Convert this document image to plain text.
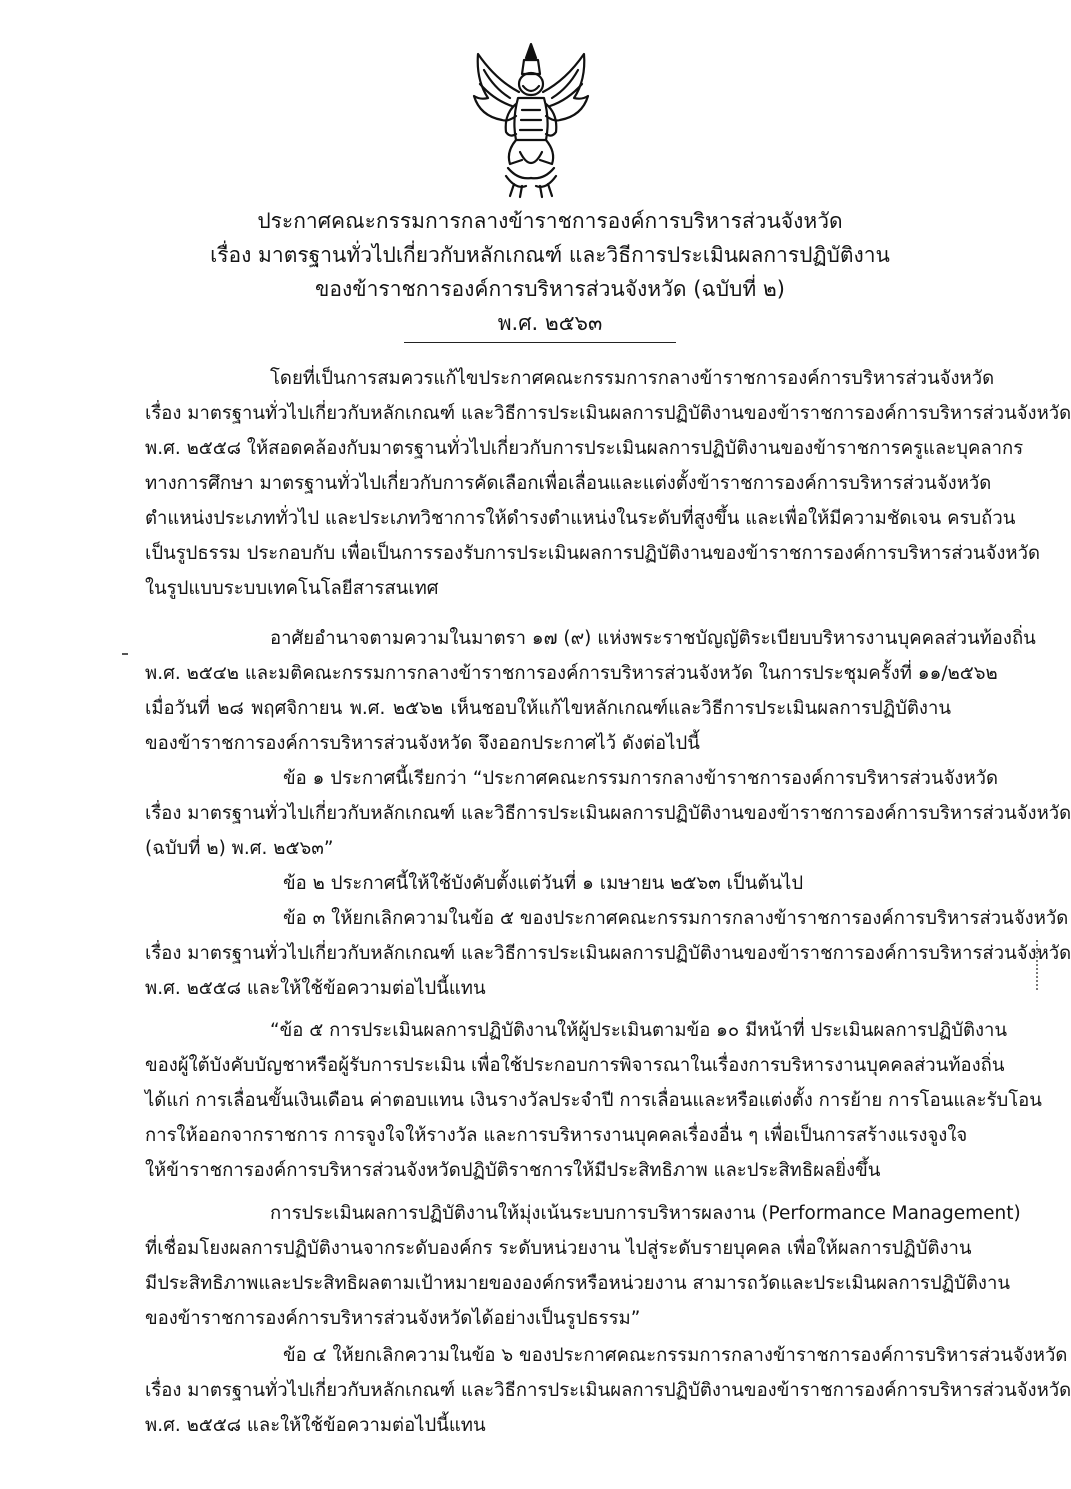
ประกาศคณะกรรมการกลางข้าราชการองค์การบริหารส่วนจังหวัด
เรื่อง มาตรฐานทั่วไปเกี่ยวกับหลักเกณฑ์ และวิธีการประเมินผลการปฏิบัติงาน
ของข้าราชการองค์การบริหารส่วนจังหวัด (ฉบับที่ ๒)
พ.ศ. ๒๕๖๓
โดยที่เป็นการสมควรแก้ไขประกาศคณะกรรมการกลางข้าราชการองค์การบริหารส่วนจังหวัด
เรื่อง มาตรฐานทั่วไปเกี่ยวกับหลักเกณฑ์ และวิธีการประเมินผลการปฏิบัติงานของข้าราชการองค์การบริหารส่วนจังหวัด
พ.ศ. ๒๕๕๘ ให้สอดคล้องกับมาตรฐานทั่วไปเกี่ยวกับการประเมินผลการปฏิบัติงานของข้าราชการครูและบุคลากร
ทางการศึกษา มาตรฐานทั่วไปเกี่ยวกับการคัดเลือกเพื่อเลื่อนและแต่งตั้งข้าราชการองค์การบริหารส่วนจังหวัด
ตำแหน่งประเภททั่วไป และประเภทวิชาการให้ดำรงตำแหน่งในระดับที่สูงขึ้น และเพื่อให้มีความชัดเจน ครบถ้วน
เป็นรูปธรรม ประกอบกับ เพื่อเป็นการรองรับการประเมินผลการปฏิบัติงานของข้าราชการองค์การบริหารส่วนจังหวัด
ในรูปแบบระบบเทคโนโลยีสารสนเทศ
อาศัยอำนาจตามความในมาตรา ๑๗ (๙) แห่งพระราชบัญญัติระเบียบบริหารงานบุคคลส่วนท้องถิ่น
พ.ศ. ๒๕๔๒ และมติคณะกรรมการกลางข้าราชการองค์การบริหารส่วนจังหวัด ในการประชุมครั้งที่ ๑๑/๒๕๖๒
เมื่อวันที่ ๒๘ พฤศจิกายน พ.ศ. ๒๕๖๒ เห็นชอบให้แก้ไขหลักเกณฑ์และวิธีการประเมินผลการปฏิบัติงาน
ของข้าราชการองค์การบริหารส่วนจังหวัด จึงออกประกาศไว้ ดังต่อไปนี้
ข้อ ๑ ประกาศนี้เรียกว่า “ประกาศคณะกรรมการกลางข้าราชการองค์การบริหารส่วนจังหวัด
เรื่อง มาตรฐานทั่วไปเกี่ยวกับหลักเกณฑ์ และวิธีการประเมินผลการปฏิบัติงานของข้าราชการองค์การบริหารส่วนจังหวัด
(ฉบับที่ ๒) พ.ศ. ๒๕๖๓”
ข้อ ๒ ประกาศนี้ให้ใช้บังคับตั้งแต่วันที่ ๑ เมษายน ๒๕๖๓ เป็นต้นไป
ข้อ ๓ ให้ยกเลิกความในข้อ ๕ ของประกาศคณะกรรมการกลางข้าราชการองค์การบริหารส่วนจังหวัด
เรื่อง มาตรฐานทั่วไปเกี่ยวกับหลักเกณฑ์ และวิธีการประเมินผลการปฏิบัติงานของข้าราชการองค์การบริหารส่วนจังหวัด
พ.ศ. ๒๕๕๘ และให้ใช้ข้อความต่อไปนี้แทน
“ข้อ ๕ การประเมินผลการปฏิบัติงานให้ผู้ประเมินตามข้อ ๑๐ มีหน้าที่ ประเมินผลการปฏิบัติงาน
ของผู้ใต้บังคับบัญชาหรือผู้รับการประเมิน เพื่อใช้ประกอบการพิจารณาในเรื่องการบริหารงานบุคคลส่วนท้องถิ่น
ได้แก่ การเลื่อนขั้นเงินเดือน ค่าตอบแทน เงินรางวัลประจำปี การเลื่อนและหรือแต่งตั้ง การย้าย การโอนและรับโอน
การให้ออกจากราชการ การจูงใจให้รางวัล และการบริหารงานบุคคลเรื่องอื่น ๆ เพื่อเป็นการสร้างแรงจูงใจ
ให้ข้าราชการองค์การบริหารส่วนจังหวัดปฏิบัติราชการให้มีประสิทธิภาพ และประสิทธิผลยิ่งขึ้น
การประเมินผลการปฏิบัติงานให้มุ่งเน้นระบบการบริหารผลงาน (Performance Management)
ที่เชื่อมโยงผลการปฏิบัติงานจากระดับองค์กร ระดับหน่วยงาน ไปสู่ระดับรายบุคคล เพื่อให้ผลการปฏิบัติงาน
มีประสิทธิภาพและประสิทธิผลตามเป้าหมายขององค์กรหรือหน่วยงาน สามารถวัดและประเมินผลการปฏิบัติงาน
ของข้าราชการองค์การบริหารส่วนจังหวัดได้อย่างเป็นรูปธรรม”
ข้อ ๔ ให้ยกเลิกความในข้อ ๖ ของประกาศคณะกรรมการกลางข้าราชการองค์การบริหารส่วนจังหวัด
เรื่อง มาตรฐานทั่วไปเกี่ยวกับหลักเกณฑ์ และวิธีการประเมินผลการปฏิบัติงานของข้าราชการองค์การบริหารส่วนจังหวัด
พ.ศ. ๒๕๕๘ และให้ใช้ข้อความต่อไปนี้แทน
